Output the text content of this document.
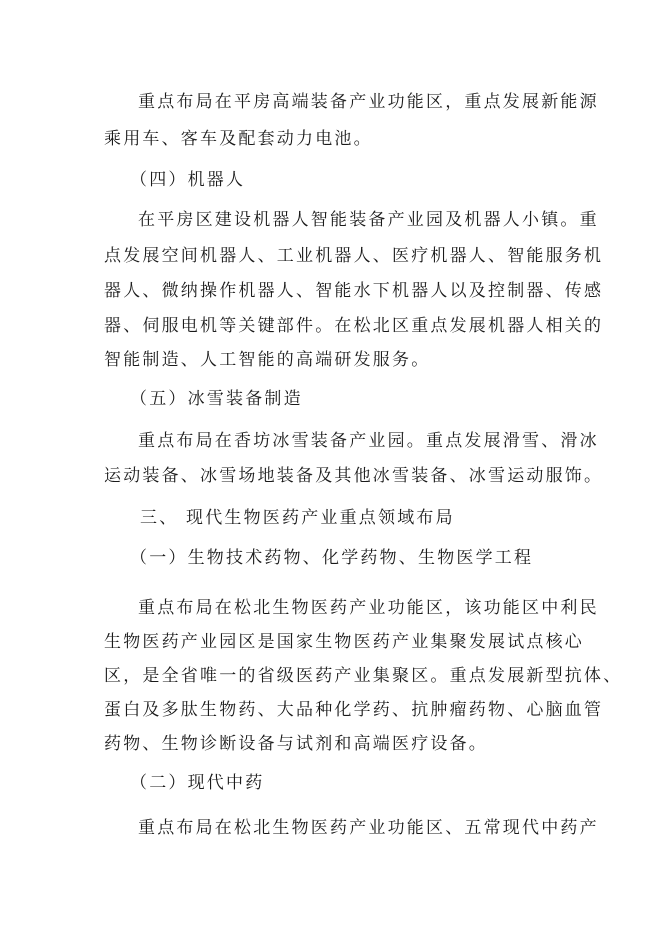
重点布局在平房高端装备产业功能区，重点发展新能源
乘用车、客车及配套动力电池。
（四）机器人
在平房区建设机器人智能装备产业园及机器人小镇。重
点发展空间机器人、工业机器人、医疗机器人、智能服务机
器人、微纳操作机器人、智能水下机器人以及控制器、传感
器、伺服电机等关键部件。在松北区重点发展机器人相关的
智能制造、人工智能的高端研发服务。
（五）冰雪装备制造
重点布局在香坊冰雪装备产业园。重点发展滑雪、滑冰
运动装备、冰雪场地装备及其他冰雪装备、冰雪运动服饰。
三、 现代生物医药产业重点领域布局
（一）生物技术药物、化学药物、生物医学工程
重点布局在松北生物医药产业功能区，该功能区中利民
生物医药产业园区是国家生物医药产业集聚发展试点核心
区，是全省唯一的省级医药产业集聚区。重点发展新型抗体、
蛋白及多肽生物药、大品种化学药、抗肿瘤药物、心脑血管
药物、生物诊断设备与试剂和高端医疗设备。
（二）现代中药
重点布局在松北生物医药产业功能区、五常现代中药产
